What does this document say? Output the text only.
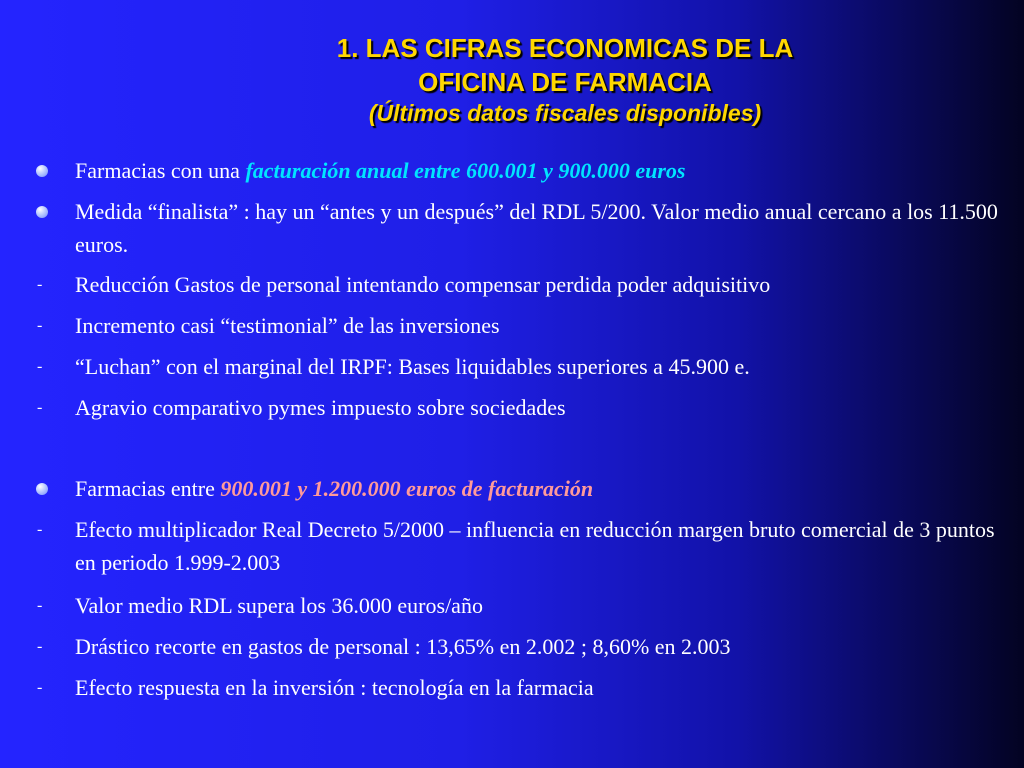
1. LAS CIFRAS ECONOMICAS DE LA
OFICINA DE FARMACIA
(Últimos datos fiscales disponibles)
Farmacias con una facturación anual entre 600.001 y 900.000 euros
Medida “finalista” : hay un “antes y un después” del RDL 5/200. Valor medio anual cercano a los 11.500 euros.
- Reducción Gastos de personal intentando compensar perdida poder adquisitivo
- Incremento casi “testimonial” de las inversiones
- “Luchan” con el marginal del IRPF: Bases liquidables superiores a 45.900 e.
- Agravio comparativo pymes impuesto sobre sociedades
Farmacias entre 900.001 y 1.200.000 euros de facturación
- Efecto multiplicador Real Decreto 5/2000 – influencia en reducción margen bruto comercial de 3 puntos en periodo 1.999-2.003
- Valor medio RDL supera los 36.000 euros/año
- Drástico recorte en gastos de personal : 13,65% en 2.002 ; 8,60% en 2.003
- Efecto respuesta en la inversión : tecnología en la farmacia
